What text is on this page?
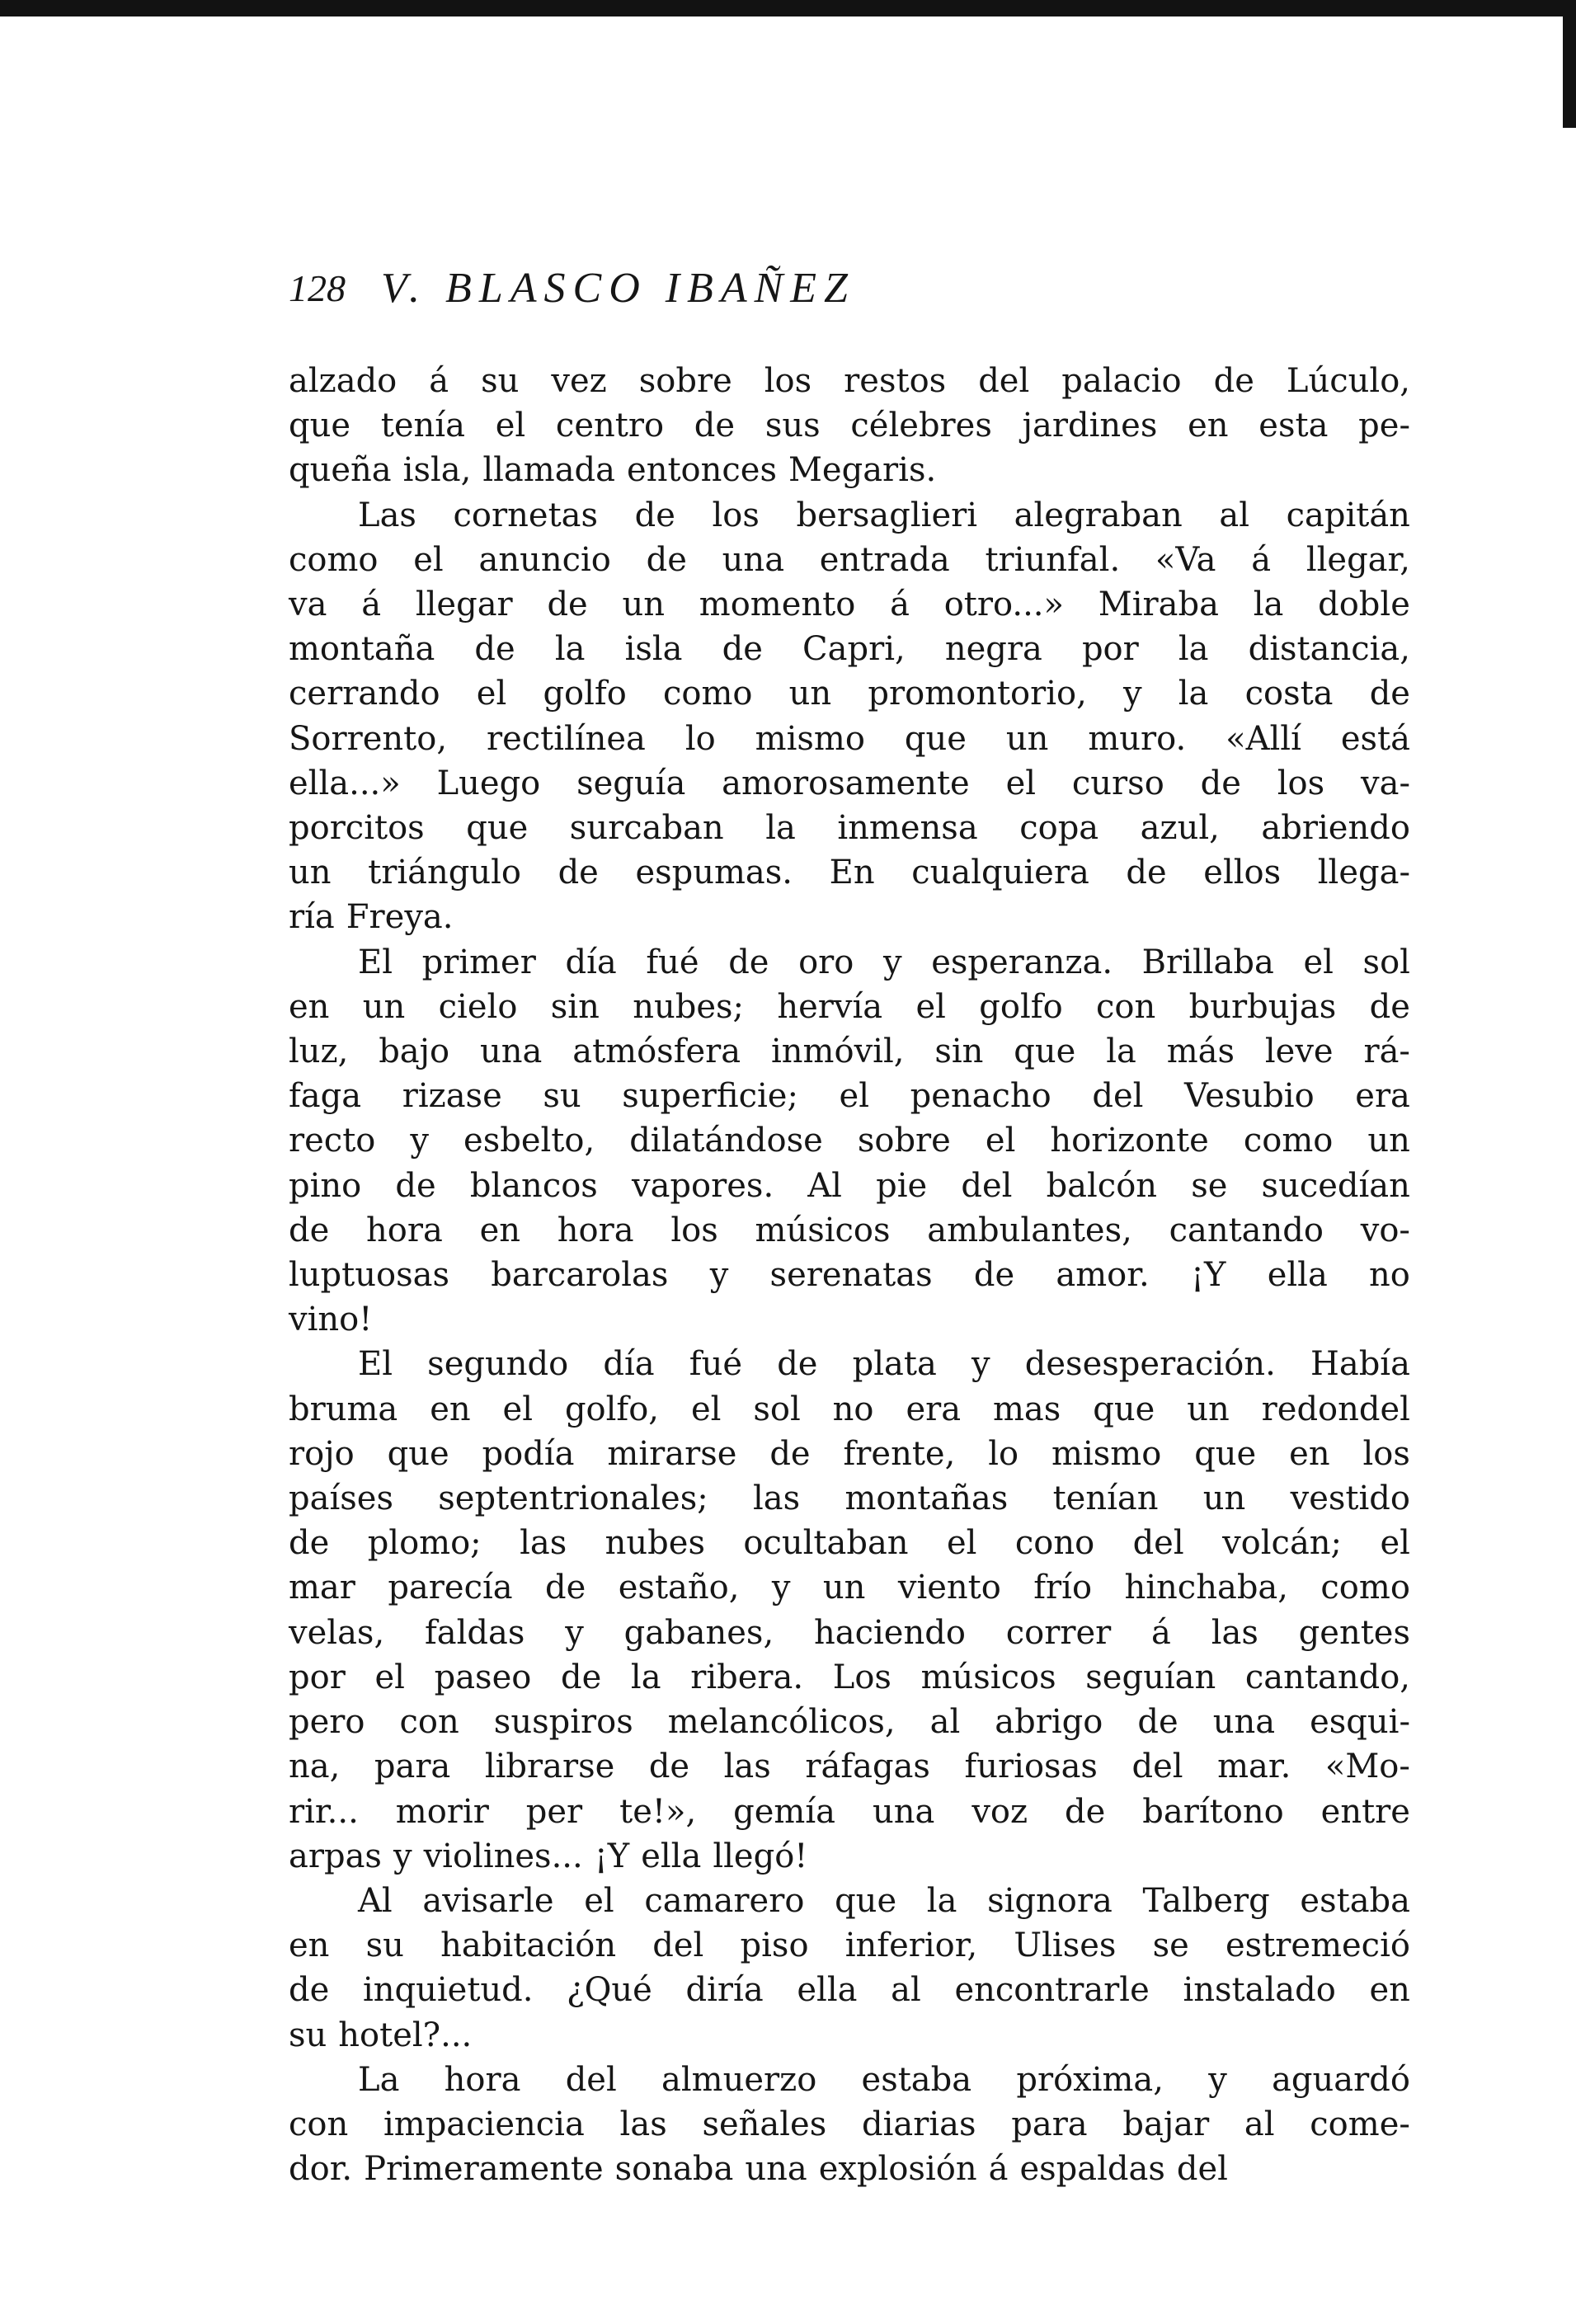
128 V. BLASCO IBAÑEZ

alzado á su vez sobre los restos del palacio de Lúculo,
que tenía el centro de sus célebres jardines en esta pe-
queña isla, llamada entonces Megaris.

Las cornetas de los bersaglieri alegraban al capitán
como el anuncio de una entrada triunfal. «Va á llegar,
va á llegar de un momento á otro...» Miraba la doble
montaña de la isla de Capri, negra por la distancia,
cerrando el golfo como un promontorio, y la costa de
Sorrento, rectilínea lo mismo que un muro. «Allí está
ella...» Luego seguía amorosamente el curso de los va-
porcitos que surcaban la inmensa copa azul, abriendo
un triángulo de espumas. En cualquiera de ellos llega-
ría Freya.

El primer día fué de oro y esperanza. Brillaba el sol
en un cielo sin nubes; hervía el golfo con burbujas de
luz, bajo una atmósfera inmóvil, sin que la más leve rá-
faga rizase su superficie; el penacho del Vesubio era
recto y esbelto, dilatándose sobre el horizonte como un
pino de blancos vapores. Al pie del balcón se sucedían
de hora en hora los músicos ambulantes, cantando vo-
luptuosas barcarolas y serenatas de amor. ¡Y ella no
vino!

El segundo día fué de plata y desesperación. Había
bruma en el golfo, el sol no era mas que un redondel
rojo que podía mirarse de frente, lo mismo que en los
países septentrionales; las montañas tenían un vestido
de plomo; las nubes ocultaban el cono del volcán; el
mar parecía de estaño, y un viento frío hinchaba, como
velas, faldas y gabanes, haciendo correr á las gentes
por el paseo de la ribera. Los músicos seguían cantando,
pero con suspiros melancólicos, al abrigo de una esqui-
na, para librarse de las ráfagas furiosas del mar. «Mo-
rir... morir per te!», gemía una voz de barítono entre
arpas y violines... ¡Y ella llegó!

Al avisarle el camarero que la signora Talberg estaba
en su habitación del piso inferior, Ulises se estremeció
de inquietud. ¿Qué diría ella al encontrarle instalado en
su hotel?...

La hora del almuerzo estaba próxima, y aguardó
con impaciencia las señales diarias para bajar al come-
dor. Primeramente sonaba una explosión á espaldas del
